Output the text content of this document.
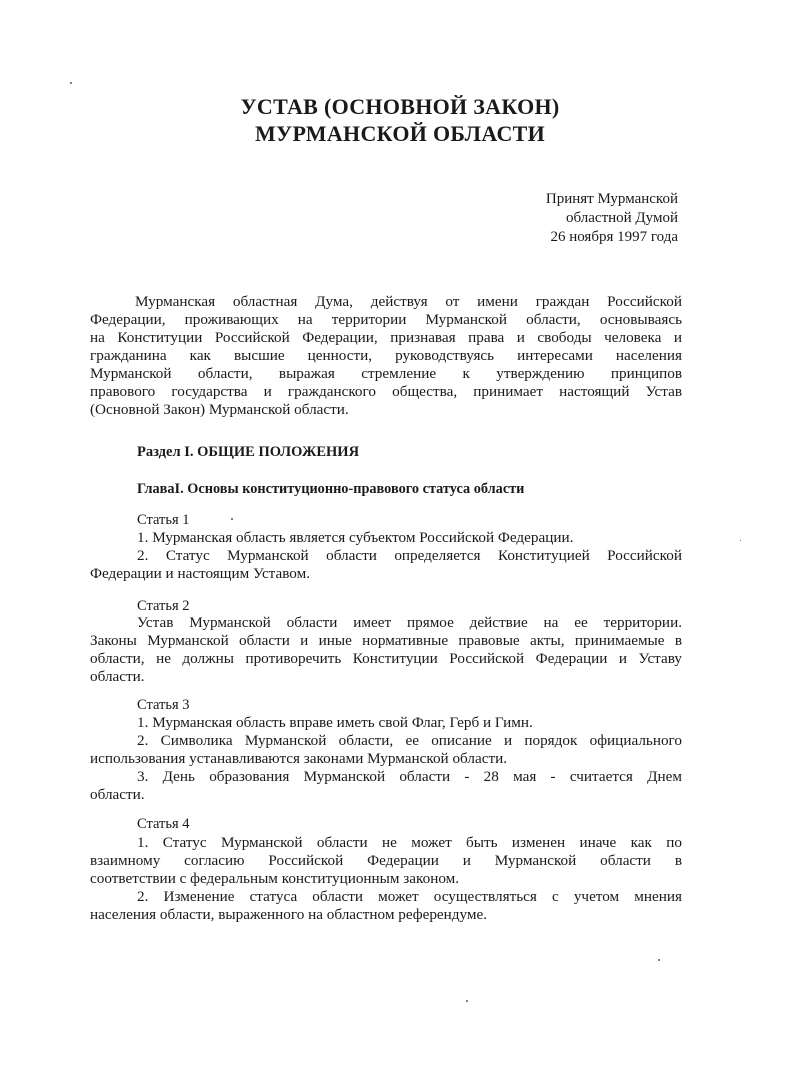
УСТАВ (ОСНОВНОЙ ЗАКОН)
МУРМАНСКОЙ ОБЛАСТИ
Принят Мурманской
областной Думой
26 ноября 1997 года
Мурманская областная Дума, действуя от имени граждан Российской
Федерации, проживающих на территории Мурманской области, основываясь
на Конституции Российской Федерации, признавая права и свободы человека и
гражданина как высшие ценности, руководствуясь интересами населения
Мурманской области, выражая стремление к утверждению принципов
правового государства и гражданского общества, принимает настоящий Устав
(Основной Закон) Мурманской области.
Раздел I. ОБЩИЕ ПОЛОЖЕНИЯ
ГлаваI. Основы конституционно-правового статуса области
Статья 1
1. Мурманская область является субъектом Российской Федерации.
2. Статус Мурманской области определяется Конституцией Российской
Федерации и настоящим Уставом.
Статья 2
Устав Мурманской области имеет прямое действие на ее территории.
Законы Мурманской области и иные нормативные правовые акты, принимаемые в
области, не должны противоречить Конституции Российской Федерации и Уставу
области.
Статья 3
1. Мурманская область вправе иметь свой Флаг, Герб и Гимн.
2. Символика Мурманской области, ее описание и порядок официального
использования устанавливаются законами Мурманской области.
3. День образования Мурманской области - 28 мая - считается Днем
области.
Статья 4
1. Статус Мурманской области не может быть изменен иначе как по
взаимному согласию Российской Федерации и Мурманской области в
соответствии с федеральным конституционным законом.
2. Изменение статуса области может осуществляться с учетом мнения
населения области, выраженного на областном референдуме.
